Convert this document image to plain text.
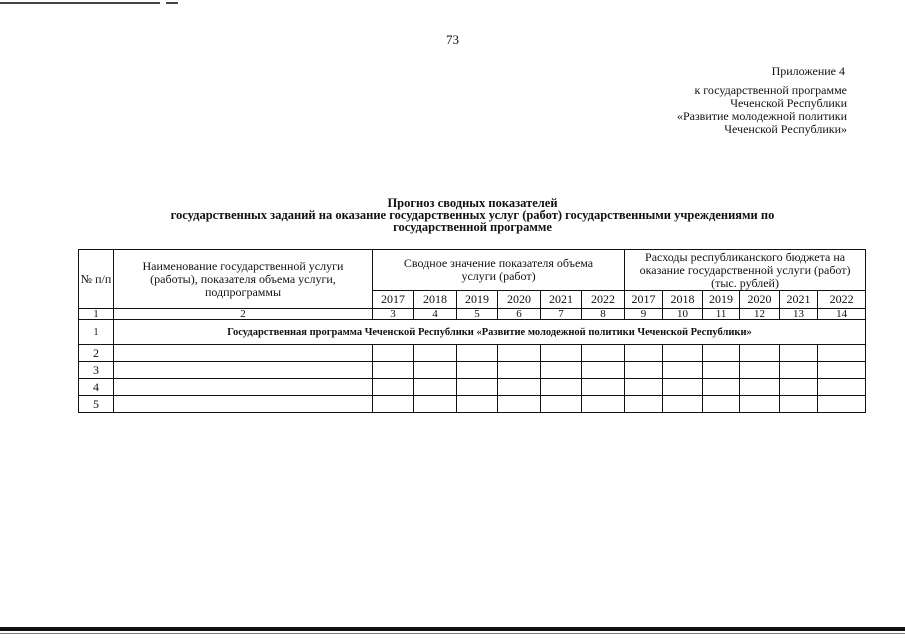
73
Приложение 4
к государственной программе
Чеченской Республики
«Развитие молодежной политики
Чеченской Республики»
Прогноз сводных показателей
государственных заданий на оказание государственных услуг (работ) государственными учреждениями по
государственной программе
№ п/п	Наименование государственной услуги (работы), показателя объема услуги, подпрограммы	Сводное значение показателя объема услуги (работ)						Расходы республиканского бюджета на оказание государственной услуги (работ) (тыс. рублей)					
		2017	2018	2019	2020	2021	2022	2017	2018	2019	2020	2021	2022
1	2	3	4	5	6	7	8	9	10	11	12	13	14
1	Государственная программа Чеченской Республики «Развитие молодежной политики Чеченской Республики»												
2													
3													
4													
5													
